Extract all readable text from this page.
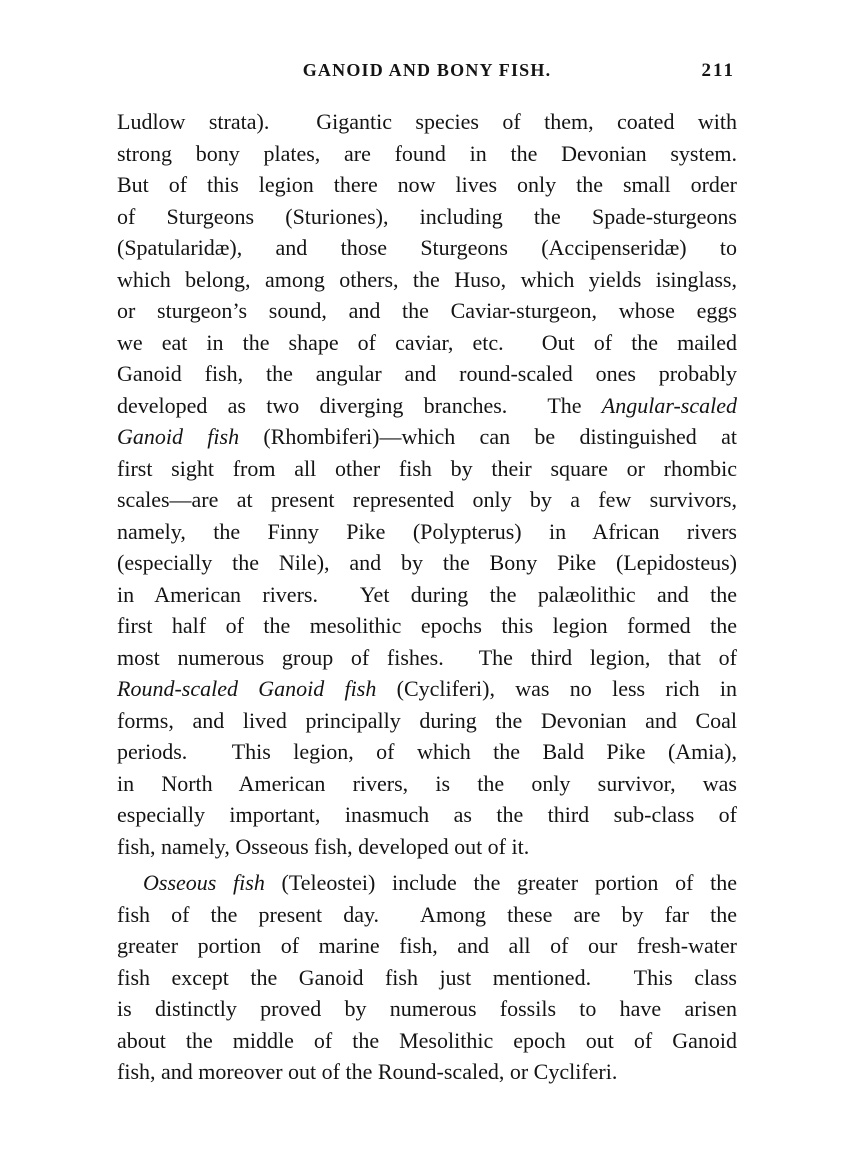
GANOID AND BONY FISH.	211
Ludlow strata).  Gigantic species of them, coated with
strong bony plates, are found in the Devonian system.
But of this legion there now lives only the small order
of Sturgeons (Sturiones), including the Spade-sturgeons
(Spatularidæ), and those Sturgeons (Accipenseridæ) to
which belong, among others, the Huso, which yields isinglass,
or sturgeon’s sound, and the Caviar-sturgeon, whose eggs
we eat in the shape of caviar, etc.  Out of the mailed
Ganoid fish, the angular and round-scaled ones probably
developed as two diverging branches.  The Angular-scaled
Ganoid fish (Rhombiferi)—which can be distinguished at
first sight from all other fish by their square or rhombic
scales—are at present represented only by a few survivors,
namely, the Finny Pike (Polypterus) in African rivers
(especially the Nile), and by the Bony Pike (Lepidosteus)
in American rivers.  Yet during the palæolithic and the
first half of the mesolithic epochs this legion formed the
most numerous group of fishes.  The third legion, that of
Round-scaled Ganoid fish (Cycliferi), was no less rich in
forms, and lived principally during the Devonian and Coal
periods.  This legion, of which the Bald Pike (Amia),
in North American rivers, is the only survivor, was
especially important, inasmuch as the third sub-class of
fish, namely, Osseous fish, developed out of it.
Osseous fish (Teleostei) include the greater portion of the
fish of the present day.  Among these are by far the
greater portion of marine fish, and all of our fresh-water
fish except the Ganoid fish just mentioned.  This class
is distinctly proved by numerous fossils to have arisen
about the middle of the Mesolithic epoch out of Ganoid
fish, and moreover out of the Round-scaled, or Cycliferi.
